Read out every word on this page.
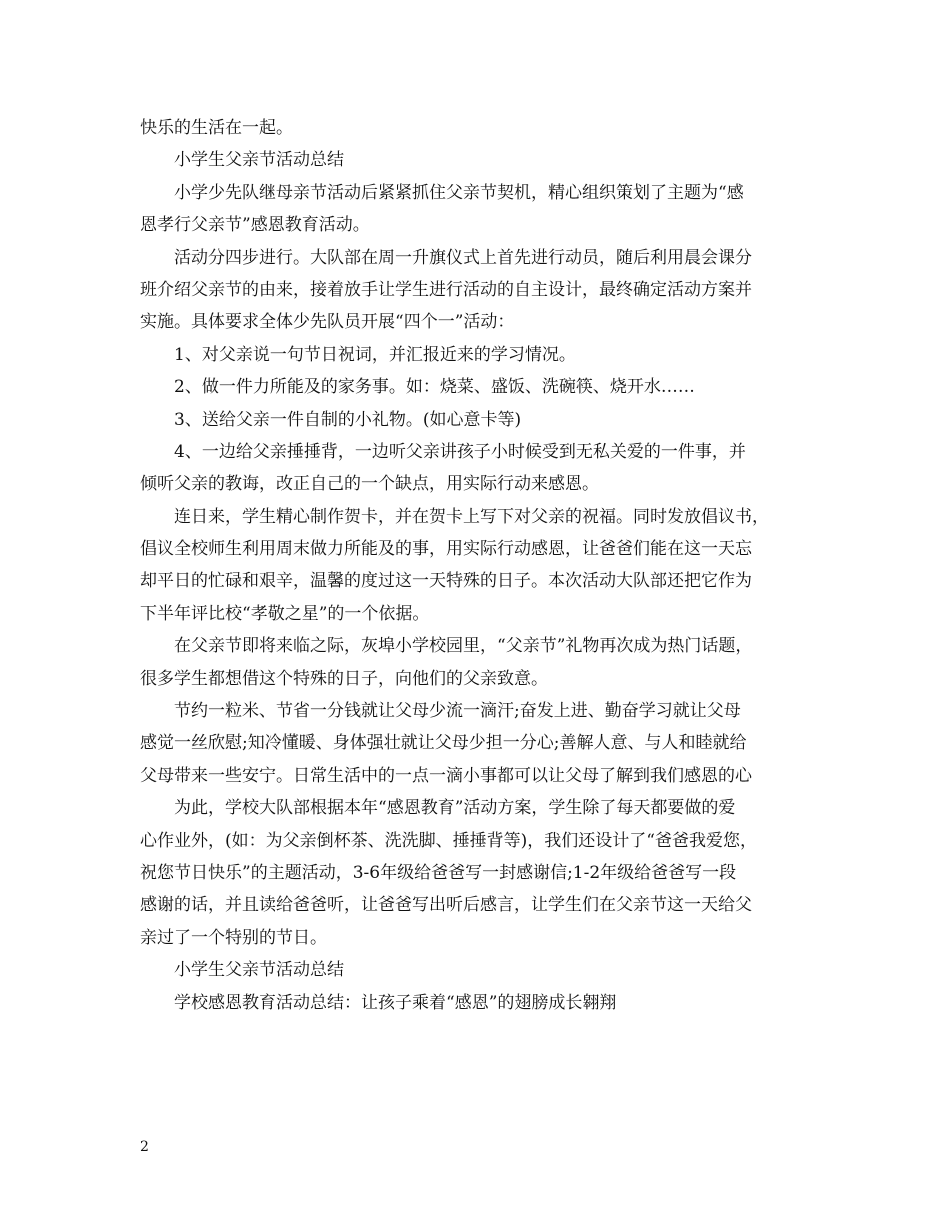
快乐的生活在一起。
小学生父亲节活动总结
小学少先队继母亲节活动后紧紧抓住父亲节契机，精心组织策划了主题为“感
恩孝行父亲节”感恩教育活动。
活动分四步进行。大队部在周一升旗仪式上首先进行动员，随后利用晨会课分
班介绍父亲节的由来，接着放手让学生进行活动的自主设计，最终确定活动方案并
实施。具体要求全体少先队员开展“四个一”活动：
1、对父亲说一句节日祝词，并汇报近来的学习情况。
2、做一件力所能及的家务事。如：烧菜、盛饭、洗碗筷、烧开水……
3、送给父亲一件自制的小礼物。(如心意卡等)
4、一边给父亲捶捶背，一边听父亲讲孩子小时候受到无私关爱的一件事，并
倾听父亲的教诲，改正自己的一个缺点，用实际行动来感恩。
连日来，学生精心制作贺卡，并在贺卡上写下对父亲的祝福。同时发放倡议书，
倡议全校师生利用周末做力所能及的事，用实际行动感恩，让爸爸们能在这一天忘
却平日的忙碌和艰辛，温馨的度过这一天特殊的日子。本次活动大队部还把它作为
下半年评比校“孝敬之星”的一个依据。
在父亲节即将来临之际，灰埠小学校园里，“父亲节”礼物再次成为热门话题，
很多学生都想借这个特殊的日子，向他们的父亲致意。
节约一粒米、节省一分钱就让父母少流一滴汗;奋发上进、勤奋学习就让父母
感觉一丝欣慰;知冷懂暖、身体强壮就让父母少担一分心;善解人意、与人和睦就给
父母带来一些安宁。日常生活中的一点一滴小事都可以让父母了解到我们感恩的心
为此，学校大队部根据本年“感恩教育”活动方案，学生除了每天都要做的爱
心作业外，(如：为父亲倒杯茶、洗洗脚、捶捶背等)，我们还设计了“爸爸我爱您，
祝您节日快乐”的主题活动，3-6年级给爸爸写一封感谢信;1-2年级给爸爸写一段
感谢的话，并且读给爸爸听，让爸爸写出听后感言，让学生们在父亲节这一天给父
亲过了一个特别的节日。
小学生父亲节活动总结
学校感恩教育活动总结：让孩子乘着“感恩”的翅膀成长翱翔
2
